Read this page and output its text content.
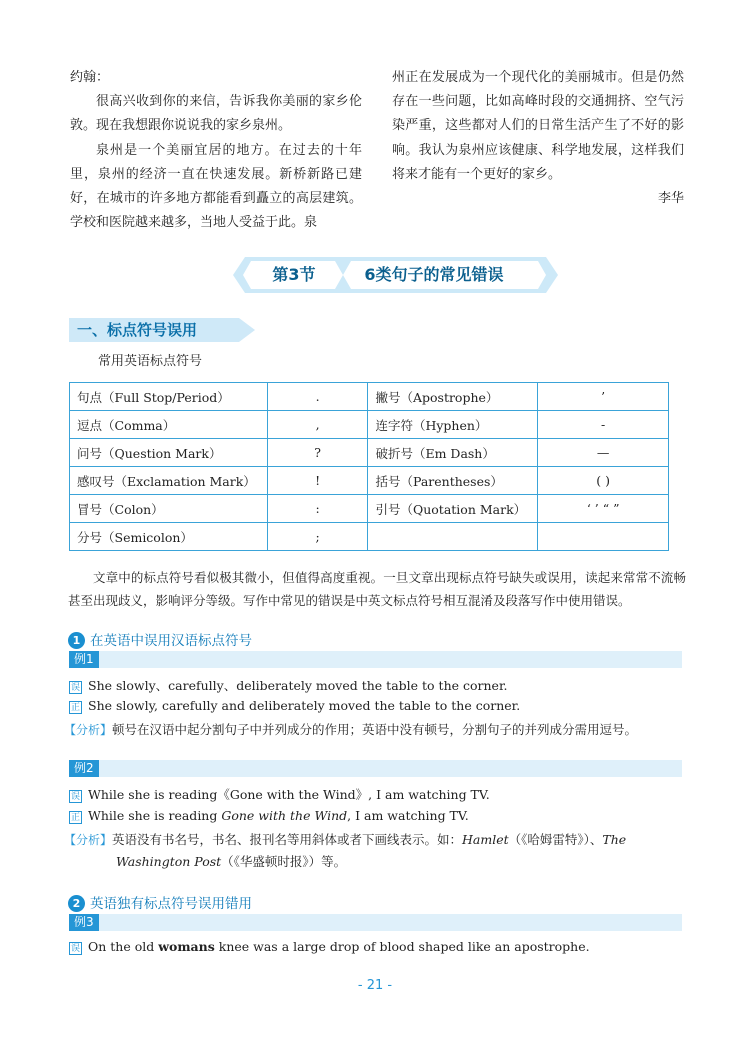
约翰：

很高兴收到你的来信，告诉我你美丽的家乡伦敦。现在我想跟你说说我的家乡泉州。

泉州是一个美丽宜居的地方。在过去的十年里，泉州的经济一直在快速发展。新桥新路已建好，在城市的许多地方都能看到矗立的高层建筑。学校和医院越来越多，当地人受益于此。泉

州正在发展成为一个现代化的美丽城市。但是仍然存在一些问题，比如高峰时段的交通拥挤、空气污染严重，这些都对人们的日常生活产生了不好的影响。我认为泉州应该健康、科学地发展，这样我们将来才能有一个更好的家乡。

李华

第3节	6类句子的常见错误
一、标点符号误用
常用英语标点符号
句点（Full Stop/Period）	.	撇号（Apostrophe）	’
逗点（Comma）	,	连字符（Hyphen）	-
问号（Question Mark）	?	破折号（Em Dash）	—
感叹号（Exclamation Mark）	!	括号（Parentheses）	( )
冒号（Colon）	:	引号（Quotation Mark）	‘ ’ “ ”
分号（Semicolon）	;		
文章中的标点符号看似极其微小，但值得高度重视。一旦文章出现标点符号缺失或误用，读起来常常不流畅甚至出现歧义，影响评分等级。写作中常见的错误是中英文标点符号相互混淆及段落写作中使用错误。
1 在英语中误用汉语标点符号
例1
误 She slowly、carefully、deliberately moved the table to the corner.
正 She slowly, carefully and deliberately moved the table to the corner.
【分析】顿号在汉语中起分割句子中并列成分的作用；英语中没有顿号，分割句子的并列成分需用逗号。
例2
误 While she is reading《Gone with the Wind》, I am watching TV.
正 While she is reading Gone with the Wind, I am watching TV.
【分析】英语没有书名号，书名、报刊名等用斜体或者下画线表示。如：Hamlet（《哈姆雷特》）、The
Washington Post（《华盛顿时报》）等。
2 英语独有标点符号误用错用
例3
误 On the old womans knee was a large drop of blood shaped like an apostrophe.
- 21 -
